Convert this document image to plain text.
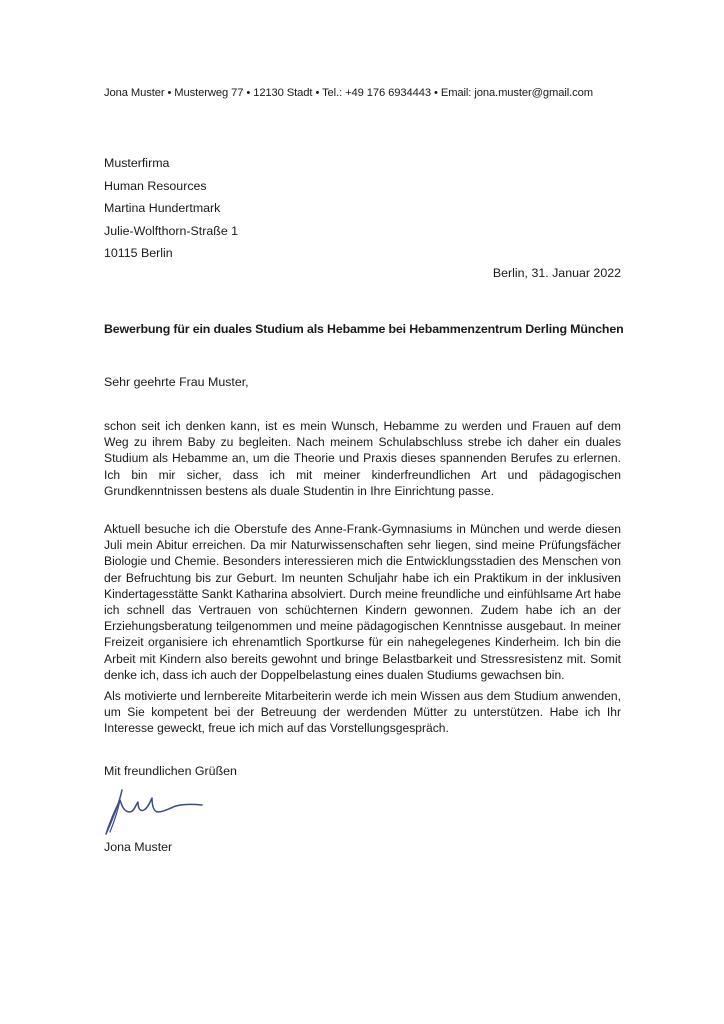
Jona Muster • Musterweg 77 • 12130 Stadt • Tel.: +49 176 6934443 • Email: jona.muster@gmail.com
Musterfirma
Human Resources
Martina Hundertmark
Julie-Wolfthorn-Straße 1
10115 Berlin
Berlin, 31. Januar 2022
Bewerbung für ein duales Studium als Hebamme bei Hebammenzentrum Derling München
Sehr geehrte Frau Muster,
schon seit ich denken kann, ist es mein Wunsch, Hebamme zu werden und Frauen auf dem Weg zu ihrem Baby zu begleiten. Nach meinem Schulabschluss strebe ich daher ein duales Studium als Hebamme an, um die Theorie und Praxis dieses spannenden Berufes zu erlernen. Ich bin mir sicher, dass ich mit meiner kinderfreundlichen Art und pädagogischen Grundkenntnissen bestens als duale Studentin in Ihre Einrichtung passe.
Aktuell besuche ich die Oberstufe des Anne-Frank-Gymnasiums in München und werde diesen Juli mein Abitur erreichen. Da mir Naturwissenschaften sehr liegen, sind meine Prüfungsfächer Biologie und Chemie. Besonders interessieren mich die Entwicklungsstadien des Menschen von der Befruchtung bis zur Geburt. Im neunten Schuljahr habe ich ein Praktikum in der inklusiven Kindertagesstätte Sankt Katharina absolviert. Durch meine freundliche und einfühlsame Art habe ich schnell das Vertrauen von schüchternen Kindern gewonnen. Zudem habe ich an der Erziehungsberatung teilgenommen und meine pädagogischen Kenntnisse ausgebaut. In meiner Freizeit organisiere ich ehrenamtlich Sportkurse für ein nahegelegenes Kinderheim. Ich bin die Arbeit mit Kindern also bereits gewohnt und bringe Belastbarkeit und Stressresistenz mit. Somit denke ich, dass ich auch der Doppelbelastung eines dualen Studiums gewachsen bin.
Als motivierte und lernbereite Mitarbeiterin werde ich mein Wissen aus dem Studium anwenden, um Sie kompetent bei der Betreuung der werdenden Mütter zu unterstützen. Habe ich Ihr Interesse geweckt, freue ich mich auf das Vorstellungsgespräch.
Mit freundlichen Grüßen
Jona Muster
